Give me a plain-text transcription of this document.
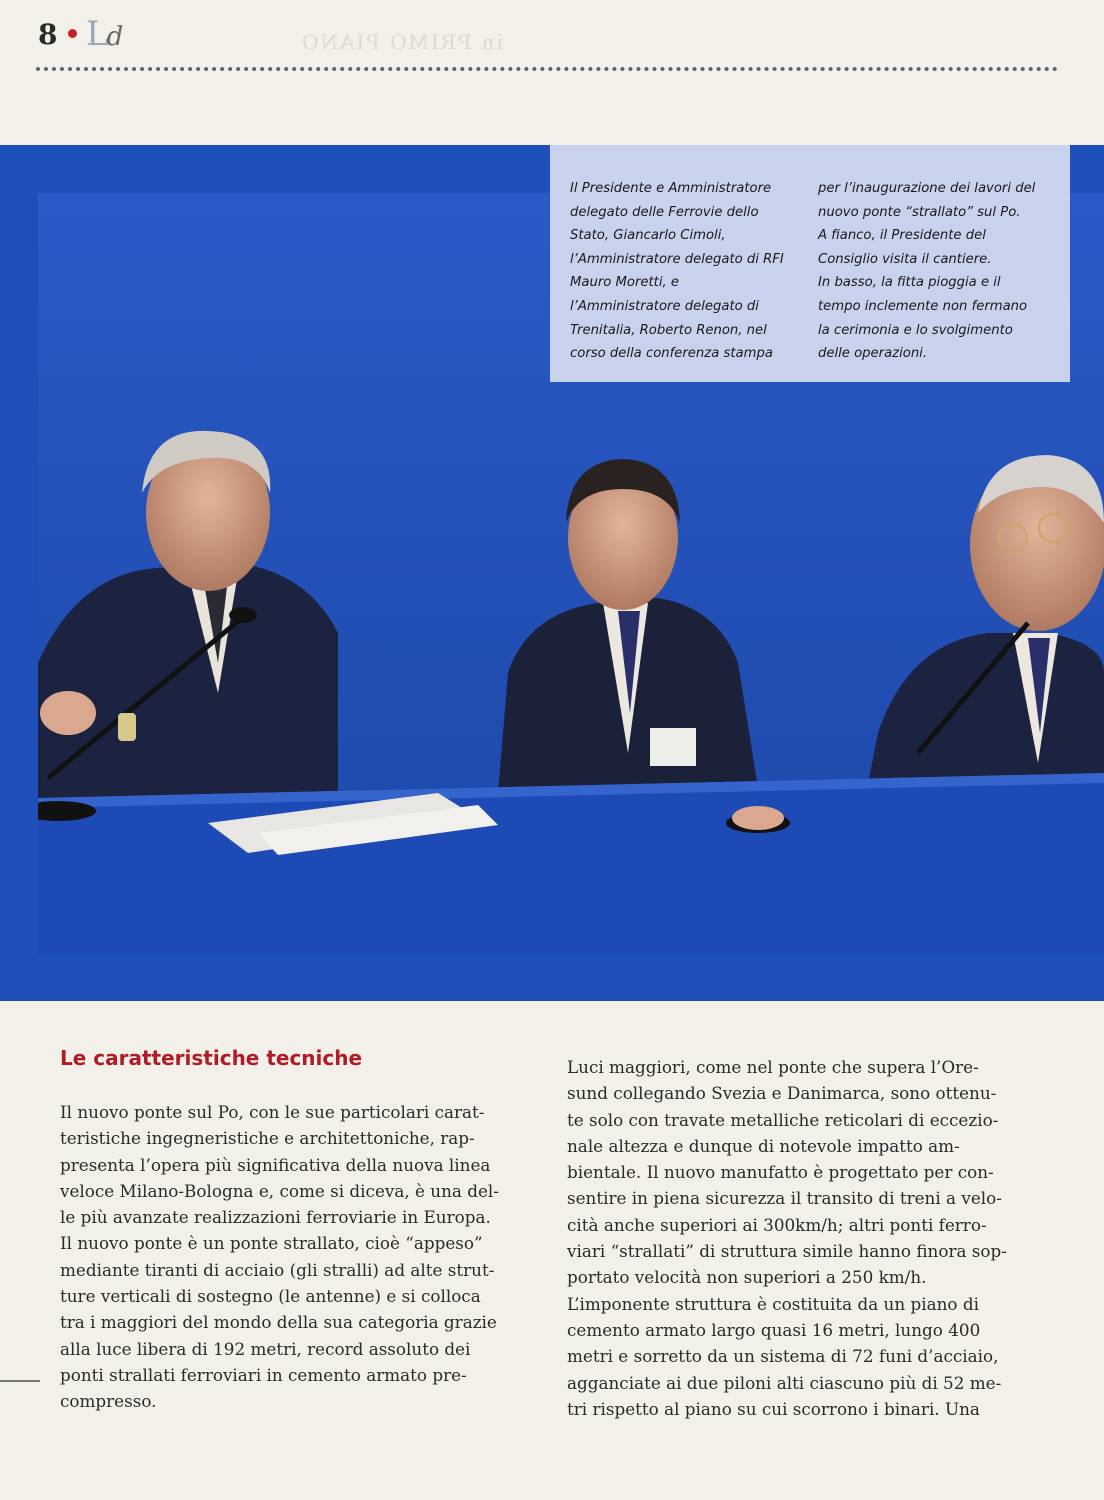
8 Ld	in PRIMO PIANO
Il Presidente e Amministratore
delegato delle Ferrovie dello
Stato, Giancarlo Cimoli,
l’Amministratore delegato di RFI
Mauro Moretti, e
l’Amministratore delegato di
Trenitalia, Roberto Renon, nel
corso della conferenza stampa
per l’inaugurazione dei lavori del
nuovo ponte “strallato” sul Po.
A fianco, il Presidente del
Consiglio visita il cantiere.
In basso, la fitta pioggia e il
tempo inclemente non fermano
la cerimonia e lo svolgimento
delle operazioni.
Le caratteristiche tecniche
Il nuovo ponte sul Po, con le sue particolari carat-
teristiche ingegneristiche e architettoniche, rap-
presenta l’opera più significativa della nuova linea
veloce Milano-Bologna e, come si diceva, è una del-
le più avanzate realizzazioni ferroviarie in Europa.
Il nuovo ponte è un ponte strallato, cioè “appeso”
mediante tiranti di acciaio (gli stralli) ad alte strut-
ture verticali di sostegno (le antenne) e si colloca
tra i maggiori del mondo della sua categoria grazie
alla luce libera di 192 metri, record assoluto dei
ponti strallati ferroviari in cemento armato pre-
compresso.
Luci maggiori, come nel ponte che supera l’Ore-
sund collegando Svezia e Danimarca, sono ottenu-
te solo con travate metalliche reticolari di eccezio-
nale altezza e dunque di notevole impatto am-
bientale. Il nuovo manufatto è progettato per con-
sentire in piena sicurezza il transito di treni a velo-
cità anche superiori ai 300km/h; altri ponti ferro-
viari “strallati” di struttura simile hanno finora sop-
portato velocità non superiori a 250 km/h.
L’imponente struttura è costituita da un piano di
cemento armato largo quasi 16 metri, lungo 400
metri e sorretto da un sistema di 72 funi d’acciaio,
agganciate ai due piloni alti ciascuno più di 52 me-
tri rispetto al piano su cui scorrono i binari. Una
